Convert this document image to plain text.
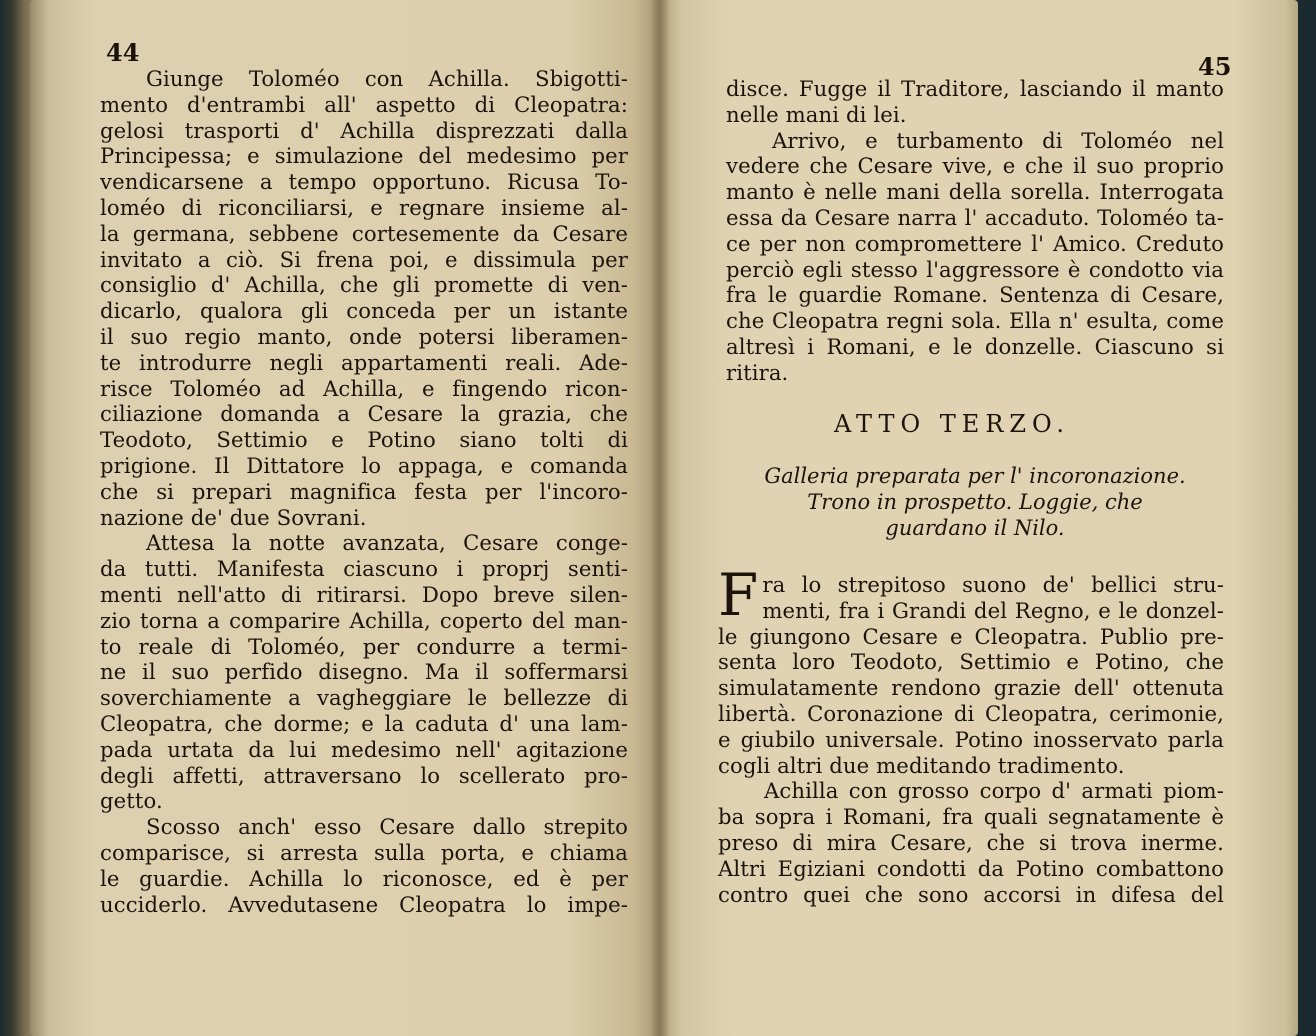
44
Giunge Toloméo con Achilla. Sbigotti-
mento d'entrambi all' aspetto di Cleopatra:
gelosi trasporti d' Achilla disprezzati dalla
Principessa; e simulazione del medesimo per
vendicarsene a tempo opportuno. Ricusa To-
loméo di riconciliarsi, e regnare insieme al-
la germana, sebbene cortesemente da Cesare
invitato a ciò. Si frena poi, e dissimula per
consiglio d' Achilla, che gli promette di ven-
dicarlo, qualora gli conceda per un istante
il suo regio manto, onde potersi liberamen-
te introdurre negli appartamenti reali. Ade-
risce Toloméo ad Achilla, e fingendo ricon-
ciliazione domanda a Cesare la grazia, che
Teodoto, Settimio e Potino siano tolti di
prigione. Il Dittatore lo appaga, e comanda
che si prepari magnifica festa per l'incoro-
nazione de' due Sovrani.
Attesa la notte avanzata, Cesare conge-
da tutti. Manifesta ciascuno i proprj senti-
menti nell'atto di ritirarsi. Dopo breve silen-
zio torna a comparire Achilla, coperto del man-
to reale di Toloméo, per condurre a termi-
ne il suo perfido disegno. Ma il soffermarsi
soverchiamente a vagheggiare le bellezze di
Cleopatra, che dorme; e la caduta d' una lam-
pada urtata da lui medesimo nell' agitazione
degli affetti, attraversano lo scellerato pro-
getto.
Scosso anch' esso Cesare dallo strepito
comparisce, si arresta sulla porta, e chiama
le guardie. Achilla lo riconosce, ed è per
ucciderlo. Avvedutasene Cleopatra lo impe-
45
disce. Fugge il Traditore, lasciando il manto
nelle mani di lei.
Arrivo, e turbamento di Toloméo nel
vedere che Cesare vive, e che il suo proprio
manto è nelle mani della sorella. Interrogata
essa da Cesare narra l' accaduto. Toloméo ta-
ce per non compromettere l' Amico. Creduto
perciò egli stesso l'aggressore è condotto via
fra le guardie Romane. Sentenza di Cesare,
che Cleopatra regni sola. Ella n' esulta, come
altresì i Romani, e le donzelle. Ciascuno si
ritira.
ATTO TERZO.
Galleria preparata per l' incoronazione.
Trono in prospetto. Loggie, che
guardano il Nilo.
F ra lo strepitoso suono de' bellici stru-
menti, fra i Grandi del Regno, e le donzel-
le giungono Cesare e Cleopatra. Publio pre-
senta loro Teodoto, Settimio e Potino, che
simulatamente rendono grazie dell' ottenuta
libertà. Coronazione di Cleopatra, cerimonie,
e giubilo universale. Potino inosservato parla
cogli altri due meditando tradimento.
Achilla con grosso corpo d' armati piom-
ba sopra i Romani, fra quali segnatamente è
preso di mira Cesare, che si trova inerme.
Altri Egiziani condotti da Potino combattono
contro quei che sono accorsi in difesa del
